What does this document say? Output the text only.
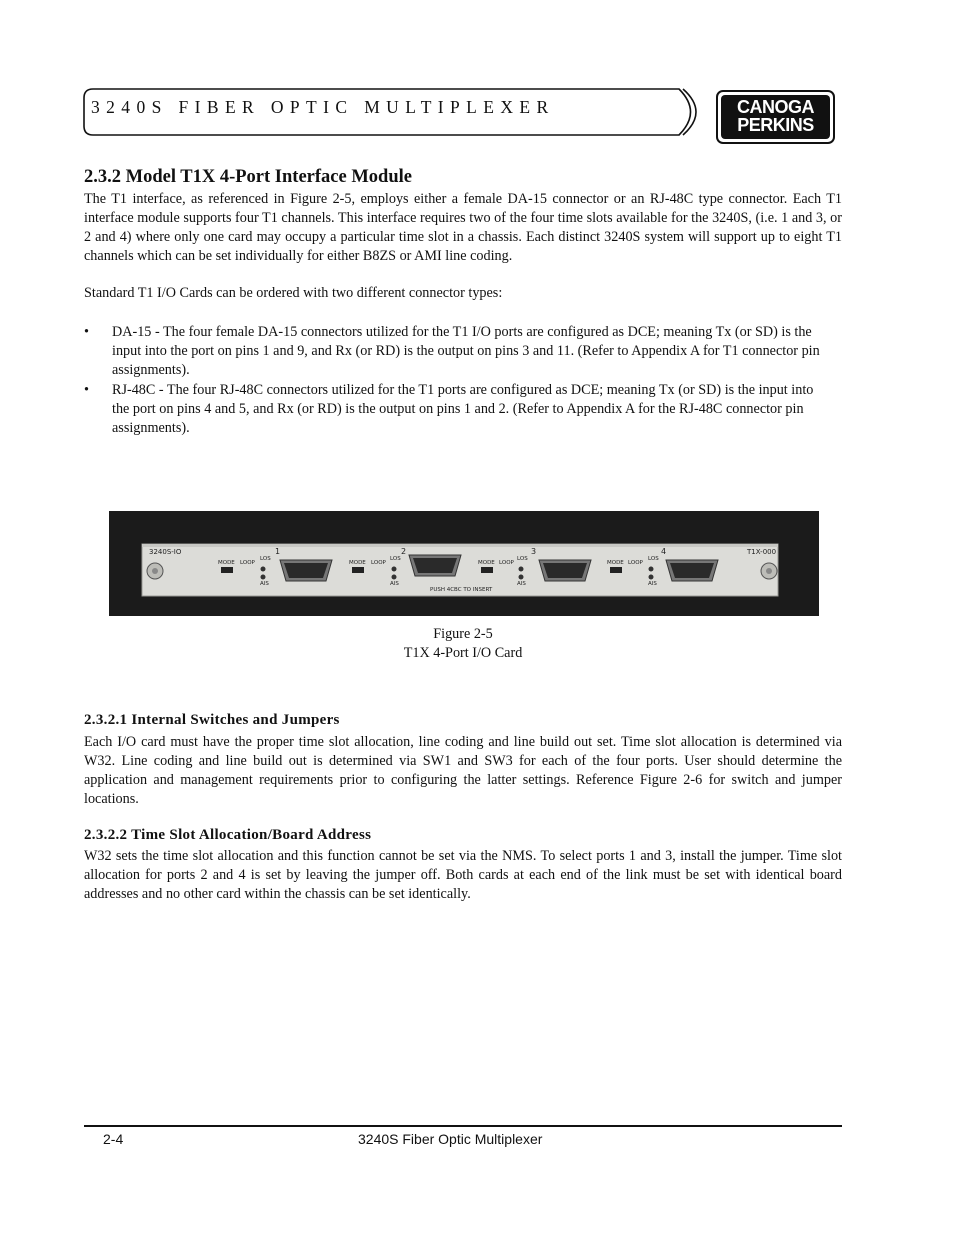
3240S FIBER OPTIC MULTIPLEXER	CANOGA
PERKINS
2.3.2 Model T1X 4-Port Interface Module

The T1 interface, as referenced in Figure 2-5, employs either a female DA-15 connector or an RJ-48C type connector. Each T1 interface module supports four T1 channels. This interface requires two of the four time slots available for the 3240S, (i.e. 1 and 3, or 2 and 4) where only one card may occupy a particular time slot in a chassis. Each distinct 3240S system will support up to eight T1 channels which can be set individually for either B8ZS or AMI line coding.

Standard T1 I/O Cards can be ordered with two different connector types:

• DA-15 - The four female DA-15 connectors utilized for the T1 I/O ports are configured as DCE; meaning Tx (or SD) is the input into the port on pins 1 and 9, and Rx (or RD) is the output on pins 3 and 11. (Refer to Appendix A for T1 connector pin assignments).
• RJ-48C - The four RJ-48C connectors utilized for the T1 ports are configured as DCE; meaning Tx (or SD) is the input into the port on pins 4 and 5, and Rx (or RD) is the output on pins 1 and 2. (Refer to Appendix A for the RJ-48C connector pin assignments).
3240S-IO	T1X-000
PUSH 4CBC TO INSERT
1
MODE LOOP
LOS
AIS
2
MODE LOOP
LOS
AIS
3
MODE LOOP
LOS
AIS
4
MODE LOOP
LOS
AIS
Figure 2-5
T1X 4-Port I/O Card
2.3.2.1 Internal Switches and Jumpers

Each I/O card must have the proper time slot allocation, line coding and line build out set. Time slot allocation is determined via W32. Line coding and line build out is determined via SW1 and SW3 for each of the four ports. User should determine the application and management requirements prior to configuring the latter settings. Reference Figure 2-6 for switch and jumper locations.

2.3.2.2 Time Slot Allocation/Board Address

W32 sets the time slot allocation and this function cannot be set via the NMS. To select ports 1 and 3, install the jumper. Time slot allocation for ports 2 and 4 is set by leaving the jumper off. Both cards at each end of the link must be set with identical board addresses and no other card within the chassis can be set identically.

2-4	3240S Fiber Optic Multiplexer
